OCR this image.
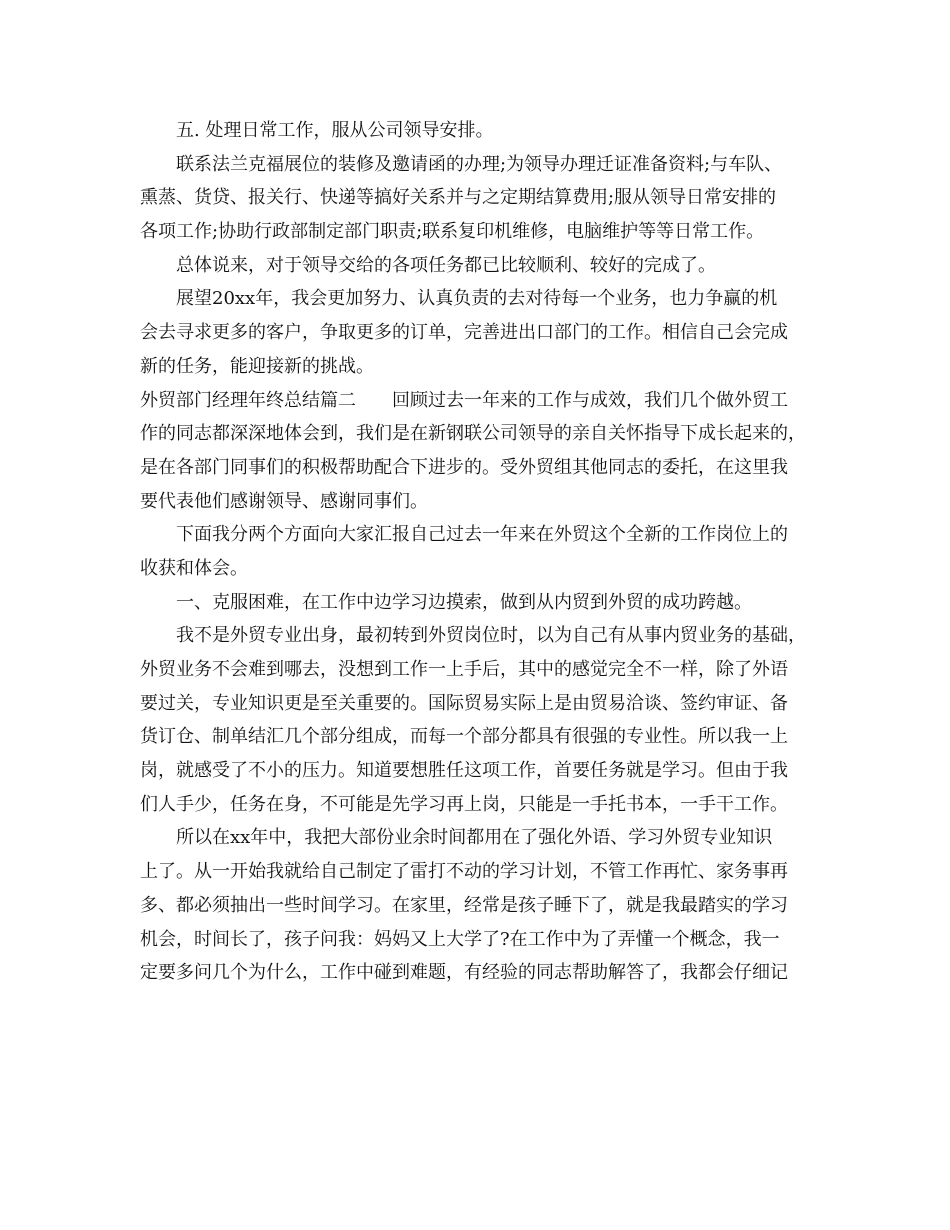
五. 处理日常工作，服从公司领导安排。
联系法兰克福展位的装修及邀请函的办理;为领导办理迁证准备资料;与车队、
熏蒸、货贷、报关行、快递等搞好关系并与之定期结算费用;服从领导日常安排的
各项工作;协助行政部制定部门职责;联系复印机维修，电脑维护等等日常工作。
总体说来，对于领导交给的各项任务都已比较顺利、较好的完成了。
展望20xx年，我会更加努力、认真负责的去对待每一个业务，也力争赢的机
会去寻求更多的客户，争取更多的订单，完善进出口部门的工作。相信自己会完成
新的任务，能迎接新的挑战。
外贸部门经理年终总结篇二 回顾过去一年来的工作与成效，我们几个做外贸工
作的同志都深深地体会到，我们是在新钢联公司领导的亲自关怀指导下成长起来的，
是在各部门同事们的积极帮助配合下进步的。受外贸组其他同志的委托，在这里我
要代表他们感谢领导、感谢同事们。
下面我分两个方面向大家汇报自己过去一年来在外贸这个全新的工作岗位上的
收获和体会。
一、克服困难，在工作中边学习边摸索，做到从内贸到外贸的成功跨越。
我不是外贸专业出身，最初转到外贸岗位时，以为自己有从事内贸业务的基础，
外贸业务不会难到哪去，没想到工作一上手后，其中的感觉完全不一样，除了外语
要过关，专业知识更是至关重要的。国际贸易实际上是由贸易洽谈、签约审证、备
货订仓、制单结汇几个部分组成，而每一个部分都具有很强的专业性。所以我一上
岗，就感受了不小的压力。知道要想胜任这项工作，首要任务就是学习。但由于我
们人手少，任务在身，不可能是先学习再上岗，只能是一手托书本，一手干工作。
所以在xx年中，我把大部份业余时间都用在了强化外语、学习外贸专业知识
上了。从一开始我就给自己制定了雷打不动的学习计划，不管工作再忙、家务事再
多、都必须抽出一些时间学习。在家里，经常是孩子睡下了，就是我最踏实的学习
机会，时间长了，孩子问我：妈妈又上大学了?在工作中为了弄懂一个概念，我一
定要多问几个为什么，工作中碰到难题，有经验的同志帮助解答了，我都会仔细记
